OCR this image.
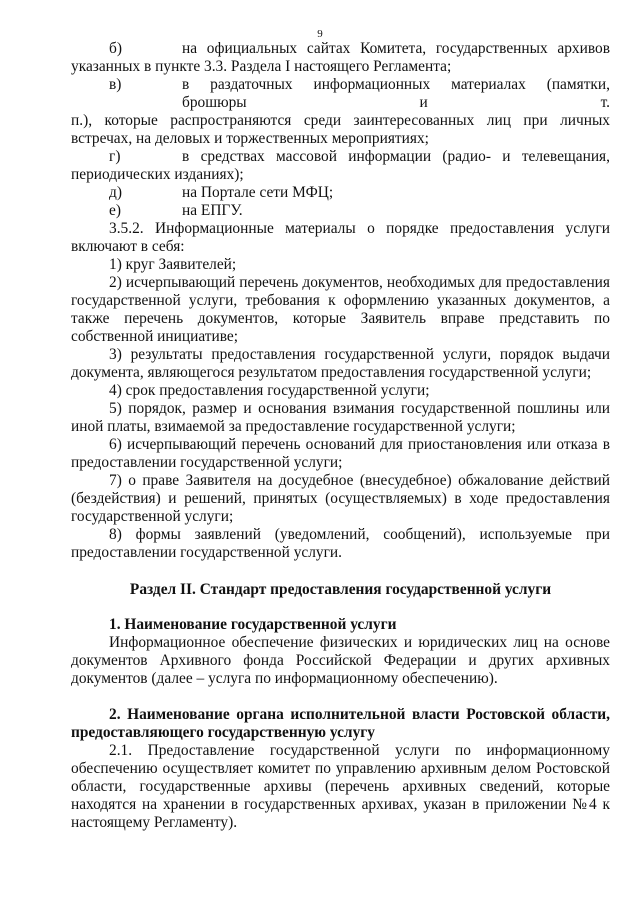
9
б)	на официальных сайтах Комитета, государственных архивов

указанных в пункте 3.3. Раздела I настоящего Регламента;

в)	в раздаточных информационных материалах (памятки, брошюры и т.

п.), которые распространяются среди заинтересованных лиц при личных встречах, на деловых и торжественных мероприятиях;

г)	в средствах массовой информации (радио- и телевещания,

периодических изданиях);

д)	на Портале сети МФЦ;
е)	на ЕПГУ.

3.5.2. Информационные материалы о порядке предоставления услуги включают в себя:

1) круг Заявителей;

2) исчерпывающий перечень документов, необходимых для предоставления государственной услуги, требования к оформлению указанных документов, а также перечень документов, которые Заявитель вправе представить по собственной инициативе;

3) результаты предоставления государственной услуги, порядок выдачи документа, являющегося результатом предоставления государственной услуги;

4) срок предоставления государственной услуги;

5) порядок, размер и основания взимания государственной пошлины или иной платы, взимаемой за предоставление государственной услуги;

6) исчерпывающий перечень оснований для приостановления или отказа в предоставлении государственной услуги;

7) о праве Заявителя на досудебное (внесудебное) обжалование действий (бездействия) и решений, принятых (осуществляемых) в ходе предоставления государственной услуги;

8) формы заявлений (уведомлений, сообщений), используемые при предоставлении государственной услуги.

Раздел II. Стандарт предоставления государственной услуги

1. Наименование государственной услуги

Информационное обеспечение физических и юридических лиц на основе документов Архивного фонда Российской Федерации и других архивных документов (далее – услуга по информационному обеспечению).

2. Наименование органа исполнительной власти Ростовской области,

предоставляющего государственную услугу

2.1. Предоставление государственной услуги по информационному обеспечению осуществляет комитет по управлению архивным делом Ростовской области, государственные архивы (перечень архивных сведений, которые находятся на хранении в государственных архивах, указан в приложении №4 к настоящему Регламенту).
